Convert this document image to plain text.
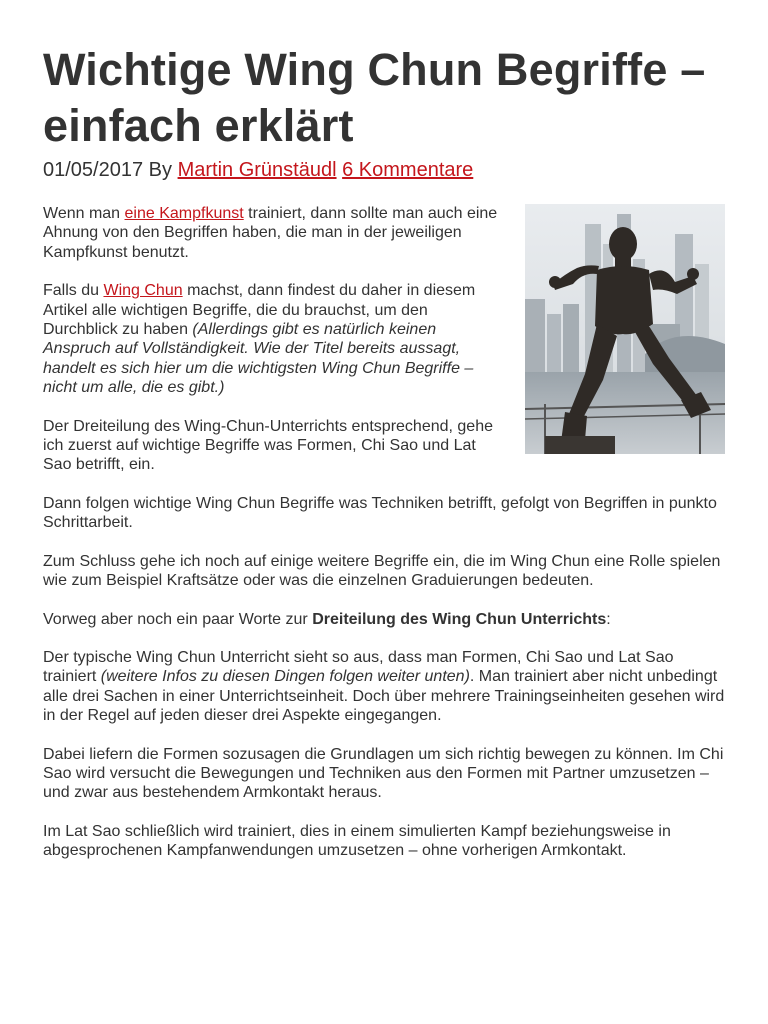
Wichtige Wing Chun Begriffe – einfach erklärt
01/05/2017 By Martin Grünstäudl 6 Kommentare

Wenn man eine Kampfkunst trainiert, dann sollte man auch eine Ahnung von den Begriffen haben, die man in der jeweiligen Kampfkunst benutzt.

Falls du Wing Chun machst, dann findest du daher in diesem Artikel alle wichtigen Begriffe, die du brauchst, um den Durchblick zu haben (Allerdings gibt es natürlich keinen Anspruch auf Vollständigkeit. Wie der Titel bereits aussagt, handelt es sich hier um die wichtigsten Wing Chun Begriffe – nicht um alle, die es gibt.)

Der Dreiteilung des Wing-Chun-Unterrichts entsprechend, gehe ich zuerst auf wichtige Begriffe was Formen, Chi Sao und Lat Sao betrifft, ein.

Dann folgen wichtige Wing Chun Begriffe was Techniken betrifft, gefolgt von Begriffen in punkto Schrittarbeit.

Zum Schluss gehe ich noch auf einige weitere Begriffe ein, die im Wing Chun eine Rolle spielen wie zum Beispiel Kraftsätze oder was die einzelnen Graduierungen bedeuten.

Vorweg aber noch ein paar Worte zur Dreiteilung des Wing Chun Unterrichts:

Der typische Wing Chun Unterricht sieht so aus, dass man Formen, Chi Sao und Lat Sao trainiert (weitere Infos zu diesen Dingen folgen weiter unten). Man trainiert aber nicht unbedingt alle drei Sachen in einer Unterrichtseinheit. Doch über mehrere Trainingseinheiten gesehen wird in der Regel auf jeden dieser drei Aspekte eingegangen.

Dabei liefern die Formen sozusagen die Grundlagen um sich richtig bewegen zu können. Im Chi Sao wird versucht die Bewegungen und Techniken aus den Formen mit Partner umzusetzen – und zwar aus bestehendem Armkontakt heraus.

Im Lat Sao schließlich wird trainiert, dies in einem simulierten Kampf beziehungsweise in abgesprochenen Kampfanwendungen umzusetzen – ohne vorherigen Armkontakt.
